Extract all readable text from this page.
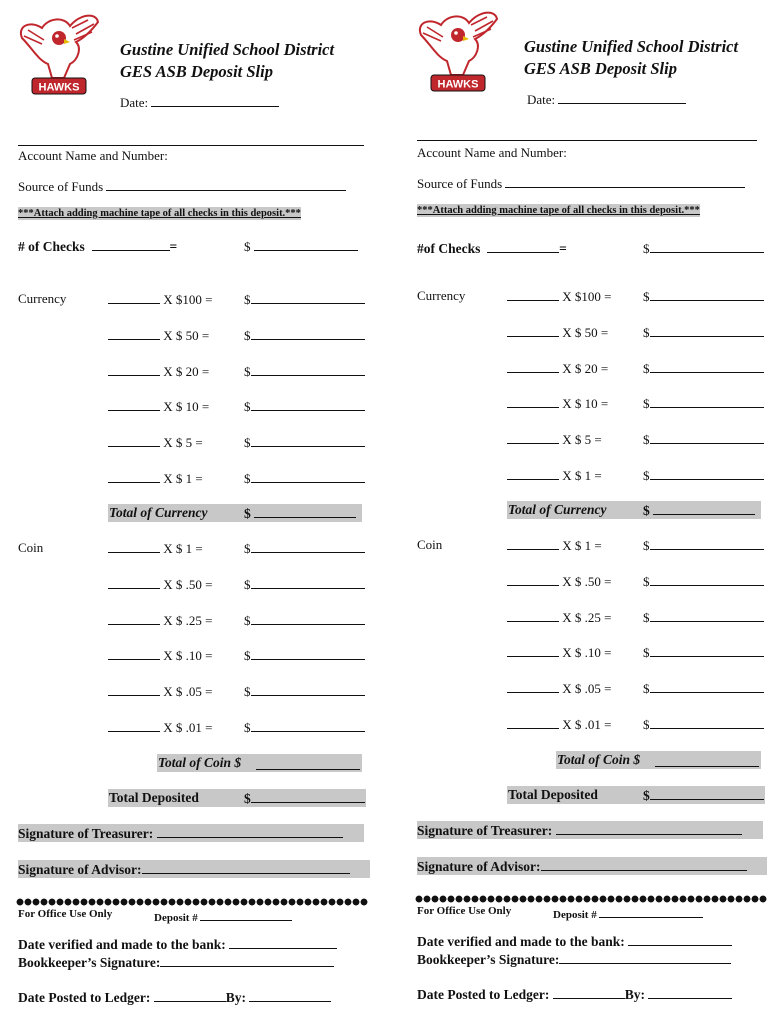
HAWKS
Gustine Unified School District
GES ASB Deposit Slip
Date:
Account Name and Number:
Source of Funds
***Attach adding machine tape of all checks in this deposit.***
# of Checks	=	$
Currency	X $100 = $
X $ 50 =	$
X $ 20 =	$
X $ 10 =	$
X $ 5 =	$
X $ 1 =	$
Total of Currency	$
Coin	X $ 1 =	$
X $ .50 = $
X $ .25 = $
X $ .10 = $
X $ .05 = $
X $ .01 = $
Total of Coin $
Total Deposited	$
Signature of Treasurer:
Signature of Advisor:
For Office Use Only	Deposit #
Date verified and made to the bank:
Bookkeeper’s Signature:
Date Posted to Ledger:	By:
HAWKS
Gustine Unified School District
GES ASB Deposit Slip
Date:
Account Name and Number:
Source of Funds
***Attach adding machine tape of all checks in this deposit.***
#of Checks	=	$
Currency	X $100 = $
X $ 50 =	$
X $ 20 =	$
X $ 10 =	$
X $ 5 =	$
X $ 1 =	$
Total of Currency	$
Coin	X $ 1 =	$
X $ .50 = $
X $ .25 = $
X $ .10 = $
X $ .05 = $
X $ .01 = $
Total of Coin $
Total Deposited	$
Signature of Treasurer:
Signature of Advisor:
For Office Use Only	Deposit #
Date verified and made to the bank:
Bookkeeper’s Signature:
Date Posted to Ledger:	By:
